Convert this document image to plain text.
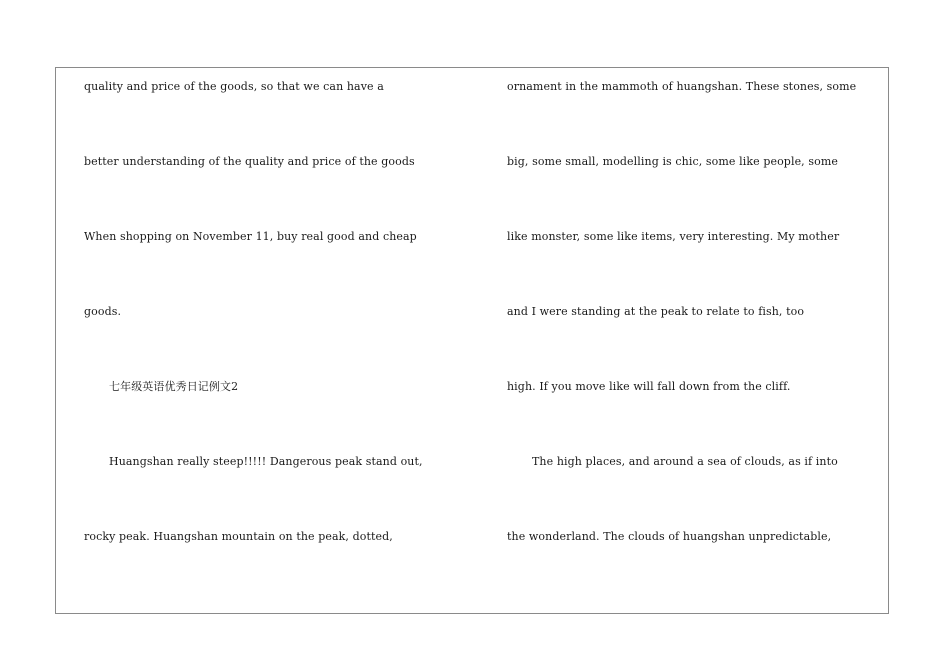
quality and price of the goods, so that we can have a
better understanding of the quality and price of the goods
When shopping on November 11, buy real good and cheap
goods.
七年级英语优秀日记例文2
Huangshan really steep!!!!! Dangerous peak stand out,
rocky peak. Huangshan mountain on the peak, dotted,
ornament in the mammoth of huangshan. These stones, some
big, some small, modelling is chic, some like people, some
like monster, some like items, very interesting. My mother
and I were standing at the peak to relate to fish, too
high. If you move like will fall down from the cliff.
The high places, and around a sea of clouds, as if into
the wonderland. The clouds of huangshan unpredictable,
